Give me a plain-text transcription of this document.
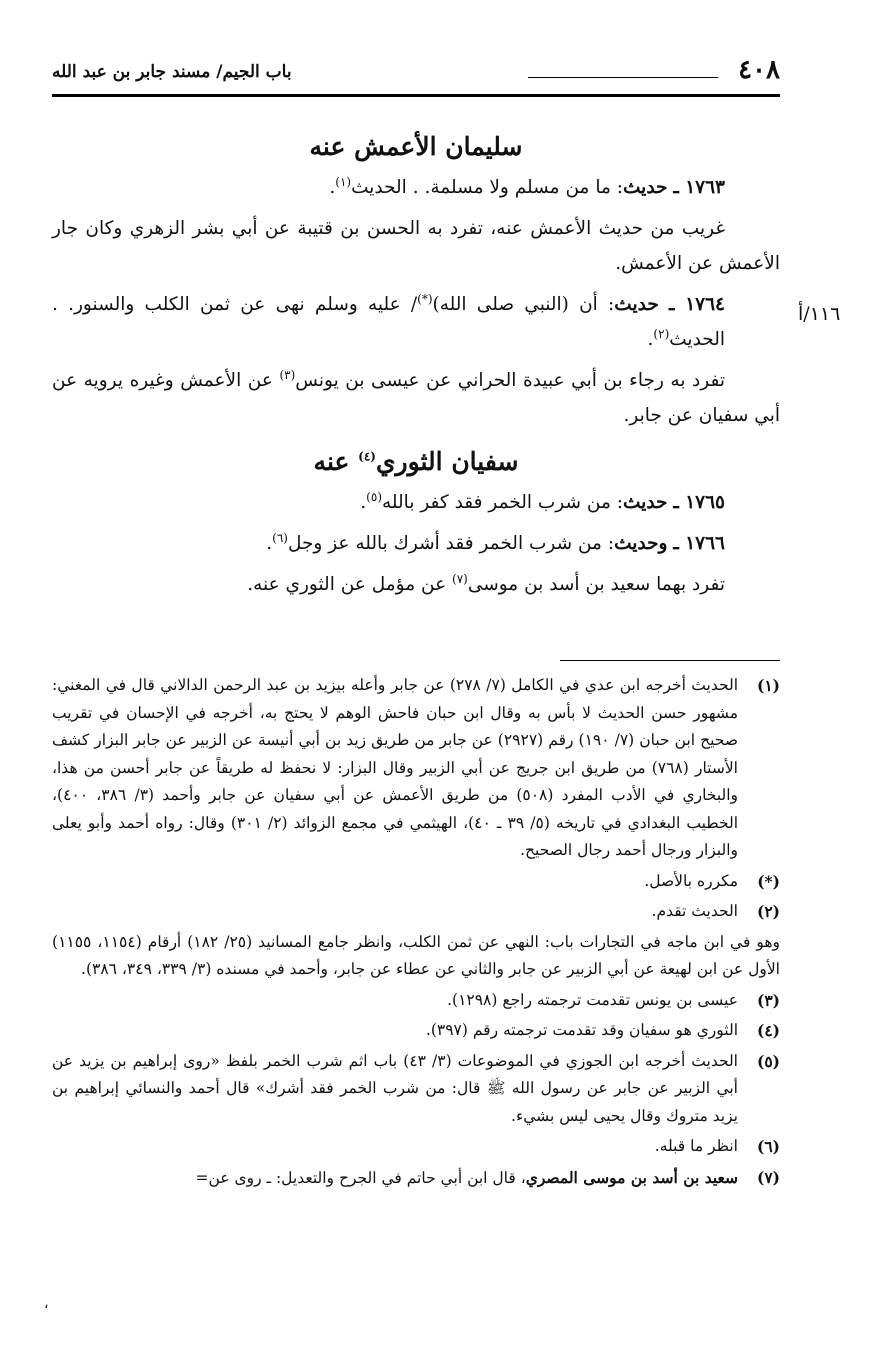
٤٠٨
باب الجيم/ مسند جابر بن عبد الله
١١٦/أ
سليمان الأعمش عنه

١٧٦٣ ـ حديث: ما من مسلم ولا مسلمة. . الحديث$^{(١)}$.

غريب من حديث الأعمش عنه، تفرد به الحسن بن قتيبة عن أبي بشر الزهري وكان جار الأعمش عن الأعمش.

١٧٦٤ ـ حديث: أن (النبي صلى الله)(*)/ عليه وسلم نهى عن ثمن الكلب والسنور. . الحديث$^{(٢)}$.

تفرد به رجاء بن أبي عبيدة الحراني عن عيسى بن يونس$^{(٣)}$ عن الأعمش وغيره يرويه عن أبي سفيان عن جابر.

سفيان الثوري$^{(٤)}$ عنه

١٧٦٥ ـ حديث: من شرب الخمر فقد كفر بالله$^{(٥)}$.

١٧٦٦ ـ وحديث: من شرب الخمر فقد أشرك بالله عز وجل$^{(٦)}$.

تفرد بهما سعيد بن أسد بن موسى$^{(٧)}$ عن مؤمل عن الثوري عنه.

(١)
الحديث أخرجه ابن عدي في الكامل (٧/ ٢٧٨) عن جابر وأعله بيزيد بن عبد الرحمن الدالاني قال في المغني: مشهور حسن الحديث لا بأس به وقال ابن حبان فاحش الوهم لا يحتج به، أخرجه في الإحسان في تقريب صحيح ابن حبان (٧/ ١٩٠) رقم (٢٩٢٧) عن جابر من طريق زيد بن أبي أنيسة عن الزبير عن جابر البزار كشف الأستار (٧٦٨) من طريق ابن جريج عن أبي الزبير وقال البزار: لا نحفظ له طريقاً عن جابر أحسن من هذا، والبخاري في الأدب المفرد (٥٠٨) من طريق الأعمش عن أبي سفيان عن جابر وأحمد (٣/ ٣٨٦، ٤٠٠)، الخطيب البغدادي في تاريخه (٥/ ٣٩ ـ ٤٠)، الهيثمي في مجمع الزوائد (٢/ ٣٠١) وقال: رواه أحمد وأبو يعلى والبزار ورجال أحمد رجال الصحيح.
(*)
مكرره بالأصل.
(٢)
الحديث تقدم.
وهو في ابن ماجه في التجارات باب: النهي عن ثمن الكلب، وانظر جامع المسانيد (٢٥/ ١٨٢) أرقام (١١٥٤، ١١٥٥) الأول عن ابن لهيعة عن أبي الزبير عن جابر والثاني عن عطاء عن جابر، وأحمد في مسنده (٣/ ٣٣٩، ٣٤٩، ٣٨٦).
(٣)
عيسى بن يونس تقدمت ترجمته راجع (١٢٩٨).
(٤)
الثوري هو سفيان وقد تقدمت ترجمته رقم (٣٩٧).
(٥)
الحديث أخرجه ابن الجوزي في الموضوعات (٣/ ٤٣) باب اثم شرب الخمر بلفظ «روى إبراهيم بن يزيد عن أبي الزبير عن جابر عن رسول الله ﷺ قال: من شرب الخمر فقد أشرك» قال أحمد والنسائي إبراهيم بن يزيد متروك وقال يحيى ليس بشيء.
(٦)
انظر ما قبله.
(٧)
سعيد بن أسد بن موسى المصري، قال ابن أبي حاتم في الجرح والتعديل: ـ روى عن=
،
